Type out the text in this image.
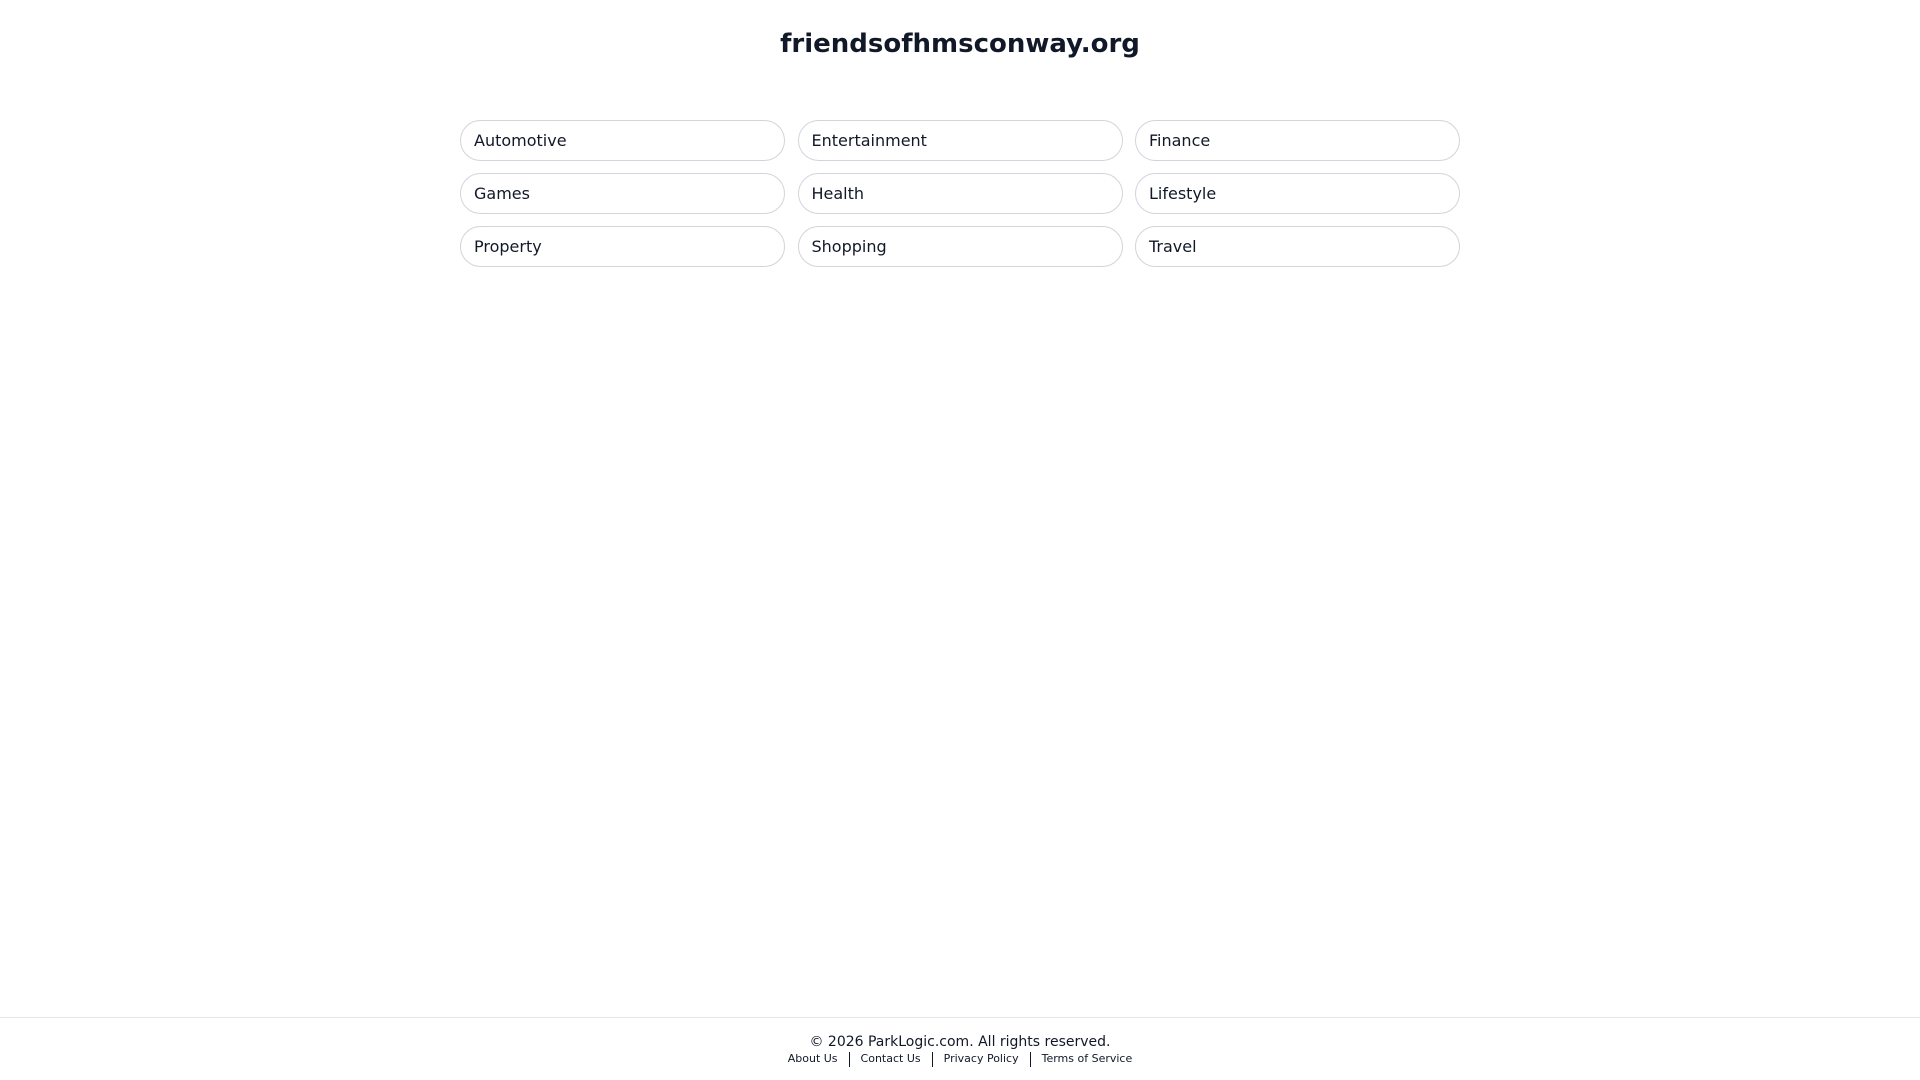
friendsofhmsconway.org
Automotive	Entertainment	Finance
Games	Health	Lifestyle
Property	Shopping	Travel
© 2026 ParkLogic.com. All rights reserved.
About Us Contact Us Privacy Policy Terms of Service
